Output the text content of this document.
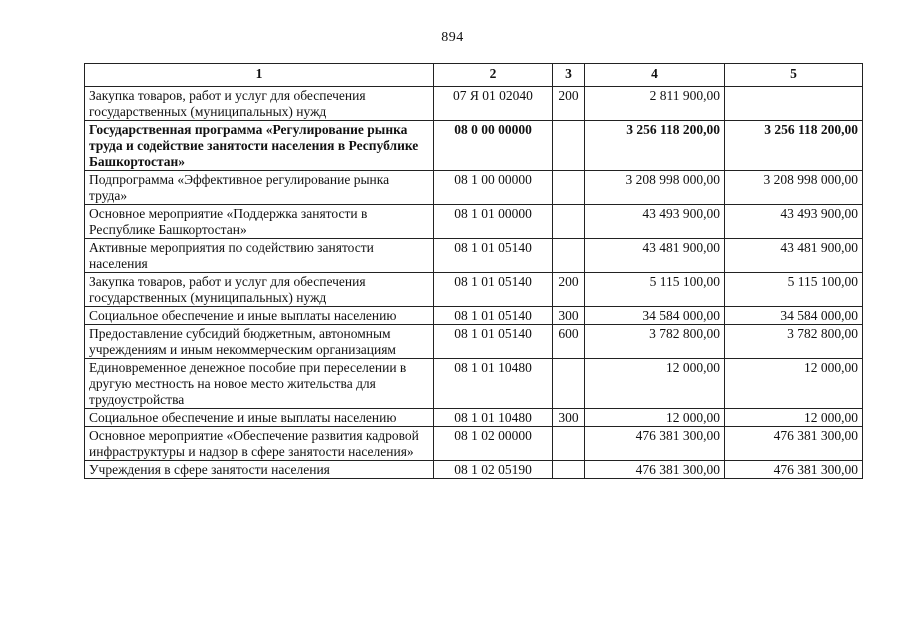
894
1	2	3	4	5
Закупка товаров, работ и услуг для обеспечения государственных (муниципальных) нужд	07 Я 01 02040	200	2 811 900,00	
Государственная программа «Регулирование рынка труда и содействие занятости населения в Республике Башкортостан»	08 0 00 00000		3 256 118 200,00	3 256 118 200,00
Подпрограмма «Эффективное регулирование рынка труда»	08 1 00 00000		3 208 998 000,00	3 208 998 000,00
Основное мероприятие «Поддержка занятости в Республике Башкортостан»	08 1 01 00000		43 493 900,00	43 493 900,00
Активные мероприятия по содействию занятости населения	08 1 01 05140		43 481 900,00	43 481 900,00
Закупка товаров, работ и услуг для обеспечения государственных (муниципальных) нужд	08 1 01 05140	200	5 115 100,00	5 115 100,00
Социальное обеспечение и иные выплаты населению	08 1 01 05140	300	34 584 000,00	34 584 000,00
Предоставление субсидий бюджетным, автономным учреждениям и иным некоммерческим организациям	08 1 01 05140	600	3 782 800,00	3 782 800,00
Единовременное денежное пособие при переселении в другую местность на новое место жительства для трудоустройства	08 1 01 10480		12 000,00	12 000,00
Социальное обеспечение и иные выплаты населению	08 1 01 10480	300	12 000,00	12 000,00
Основное мероприятие «Обеспечение развития кадровой инфраструктуры и надзор в сфере занятости населения»	08 1 02 00000		476 381 300,00	476 381 300,00
Учреждения в сфере занятости населения	08 1 02 05190		476 381 300,00	476 381 300,00
